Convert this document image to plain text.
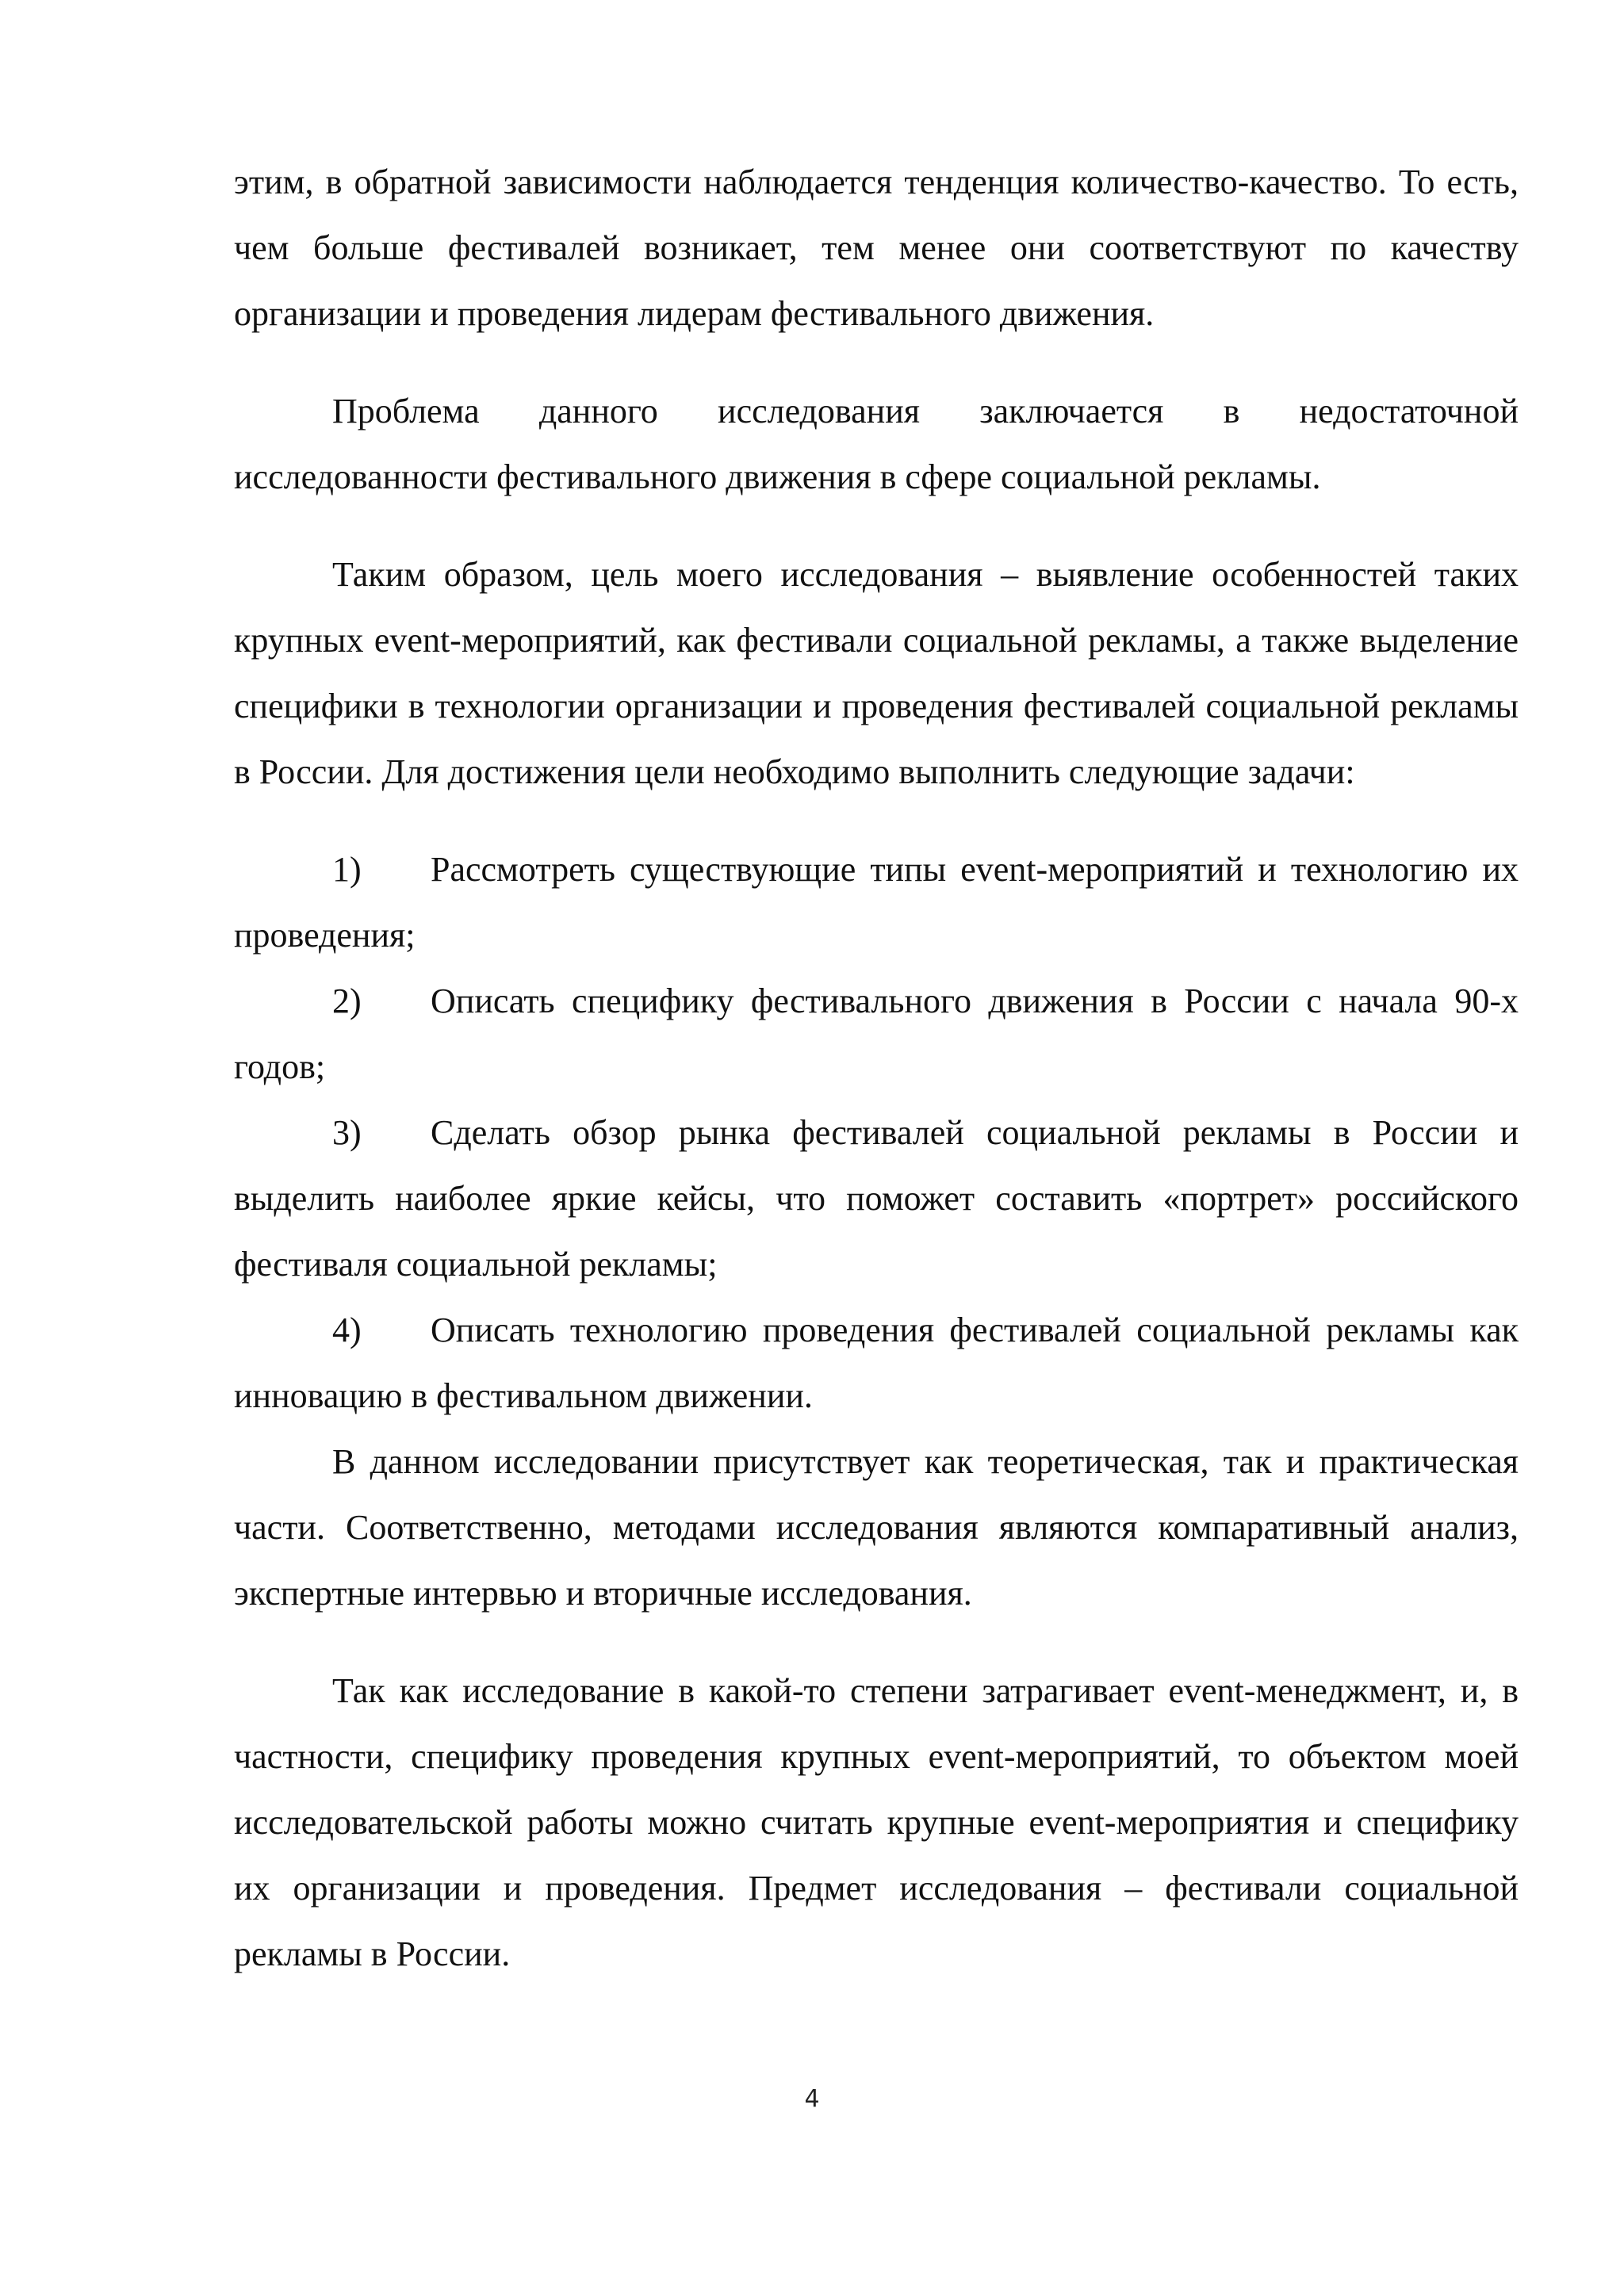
этим, в обратной зависимости наблюдается тенденция количество-качество. То есть, чем больше фестивалей возникает, тем менее они соответствуют по качеству организации и проведения лидерам фестивального движения.

Проблема данного исследования заключается в недостаточной исследованности фестивального движения в сфере социальной рекламы.

Таким образом, цель моего исследования – выявление особенностей таких крупных event-мероприятий, как фестивали социальной рекламы, а также выделение специфики в технологии организации и проведения фестивалей социальной рекламы в России. Для достижения цели необходимо выполнить следующие задачи:

1) Рассмотреть существующие типы event-мероприятий и технологию их проведения;

2) Описать специфику фестивального движения в России с начала 90-х годов;

3) Сделать обзор рынка фестивалей социальной рекламы в России и выделить наиболее яркие кейсы, что поможет составить «портрет» российского фестиваля социальной рекламы;

4) Описать технологию проведения фестивалей социальной рекламы как инновацию в фестивальном движении.

В данном исследовании присутствует как теоретическая, так и практическая части. Соответственно, методами исследования являются компаративный анализ, экспертные интервью и вторичные исследования.

Так как исследование в какой-то степени затрагивает event-менеджмент, и, в частности, специфику проведения крупных event-мероприятий, то объектом моей исследовательской работы можно считать крупные event-мероприятия и специфику их организации и проведения. Предмет исследования – фестивали социальной рекламы в России.

4
